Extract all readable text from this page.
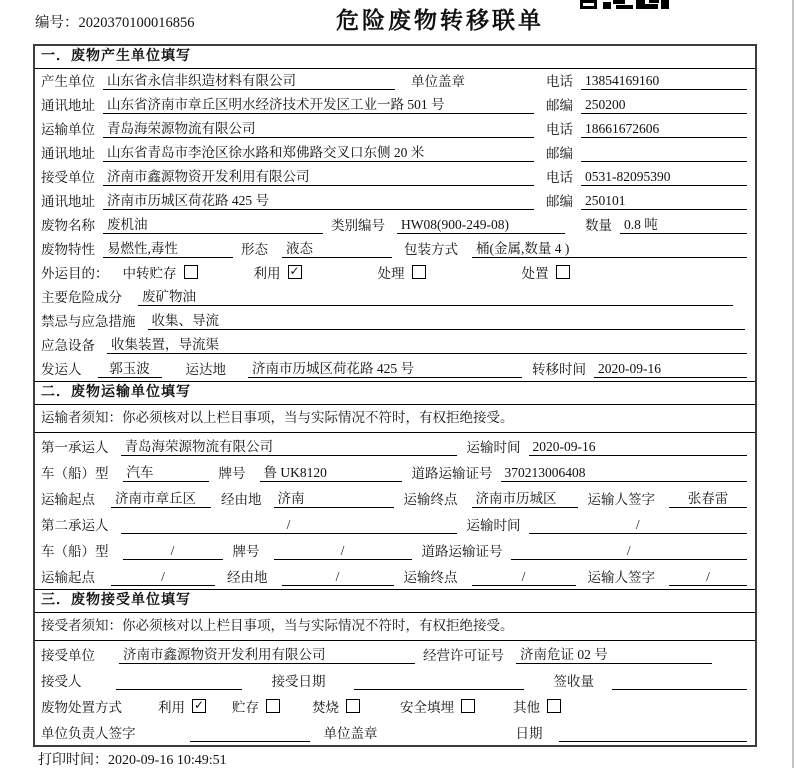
编号：2020370100016856	危险废物转移联单
一．废物产生单位填写
产生单位 山东省永信非织造材料有限公司	单位盖章	电话 13854169160
通讯地址 山东省济南市章丘区明水经济技术开发区工业一路 501 号	邮编 250200
运输单位 青岛海荣源物流有限公司	电话 18661672606
通讯地址 山东省青岛市李沧区徐水路和郑佛路交叉口东侧 20 米	邮编
接受单位 济南市鑫源物资开发利用有限公司	电话 0531-82095390
通讯地址 济南市历城区荷花路 425 号	邮编 250101
废物名称 废机油	类别编号 HW08(900-249-08)	数量 0.8 吨
废物特性 易燃性,毒性	形态 液态	包装方式 桶(金属,数量 4 )
外运目的： 中转贮存	利用 ✓	处理	处置
主要危险成分 废矿物油
禁忌与应急措施 收集、导流
应急设备 收集装置，导流渠
发运人	郭玉波	运达地 济南市历城区荷花路 425 号	转移时间 2020-09-16
二．废物运输单位填写
运输者须知：你必须核对以上栏目事项，当与实际情况不符时，有权拒绝接受。
第一承运人 青岛海荣源物流有限公司	运输时间 2020-09-16
车（船）型 汽车	牌号 鲁 UK8120	道路运输证号 370213006408
运输起点 济南市章丘区	经由地 济南	运输终点 济南市历城区	运输人签字	张春雷
第二承运人	/	运输时间	/
车（船）型	/	牌号	/	道路运输证号	/
运输起点	/	经由地	/	运输终点	/	运输人签字	/
三．废物接受单位填写
接受者须知：你必须核对以上栏目事项，当与实际情况不符时，有权拒绝接受。
接受单位 济南市鑫源物资开发利用有限公司	经营许可证号 济南危证 02 号
接受人	接受日期	签收量
废物处置方式	利用 ✓ 贮存	焚烧	安全填埋	其他
单位负责人签字	单位盖章	日期
打印时间：2020-09-16 10:49:51
